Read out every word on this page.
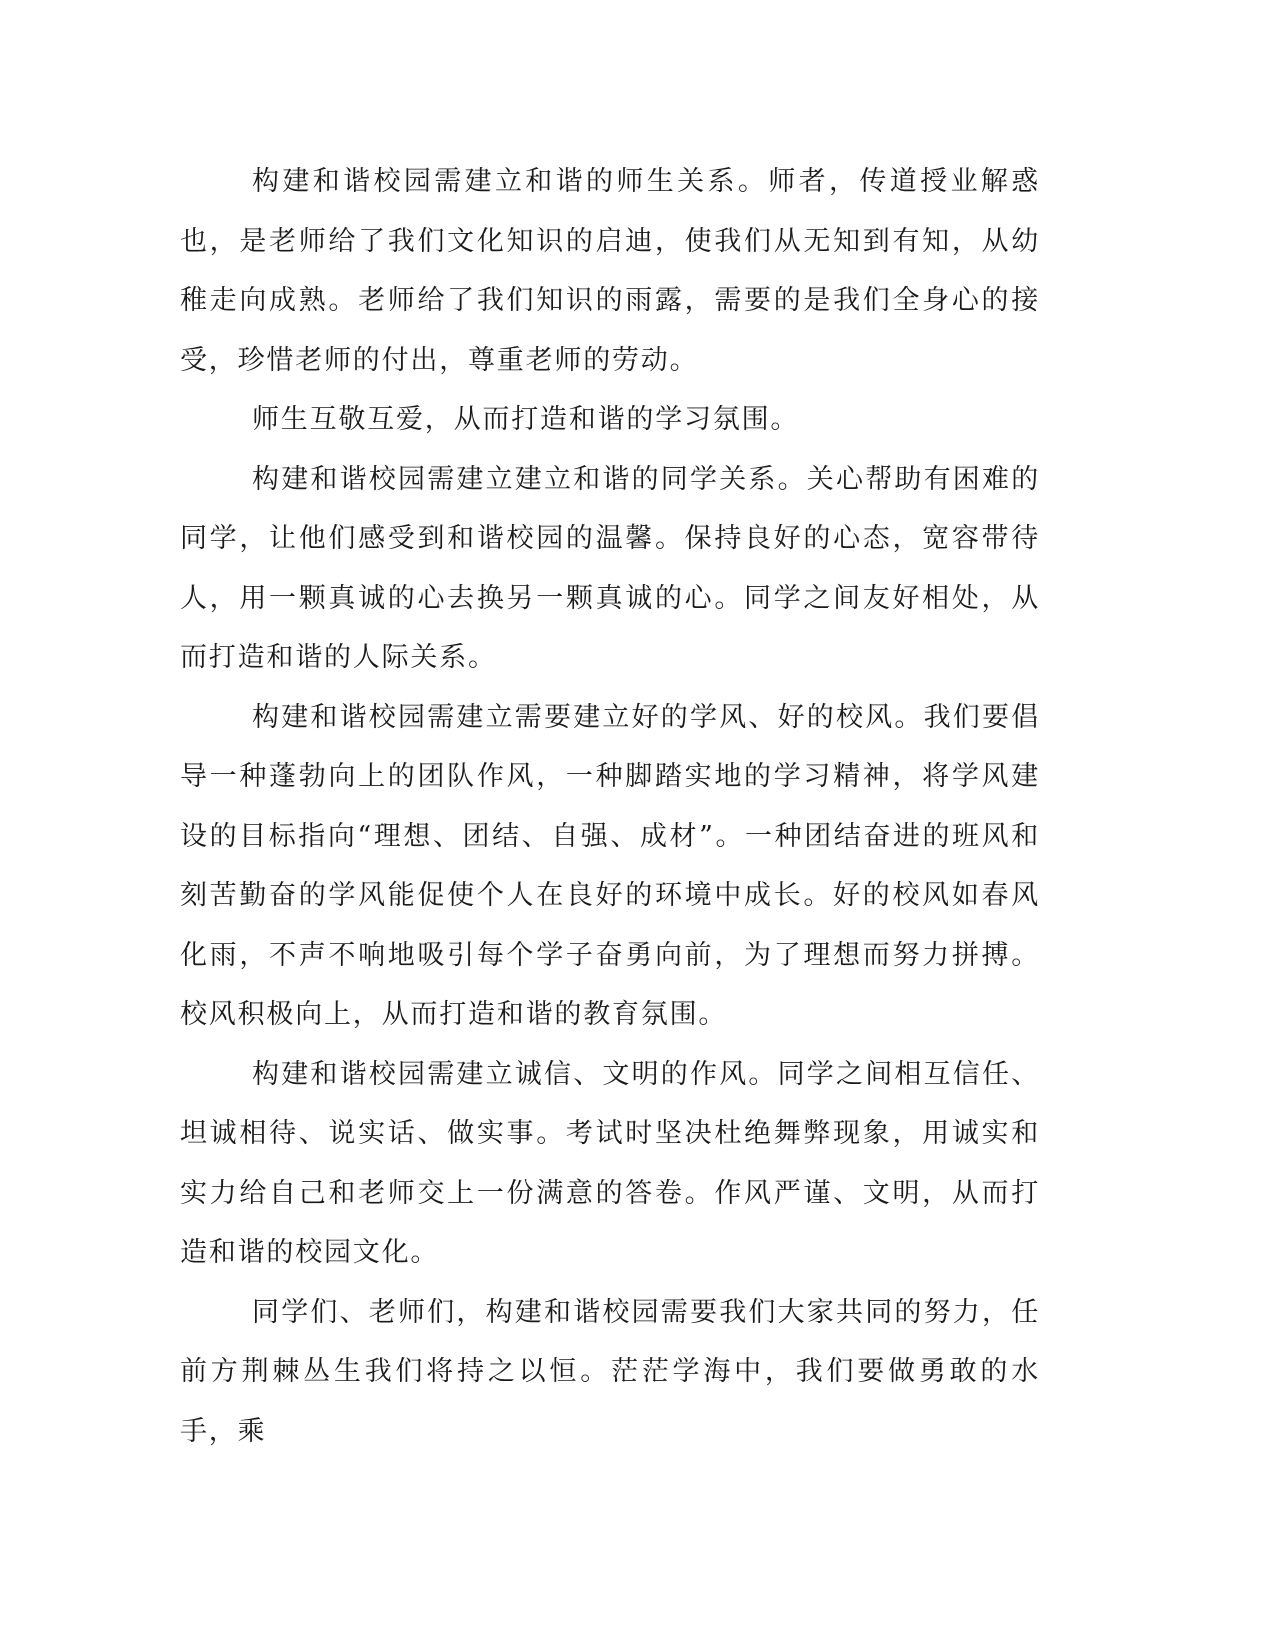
构建和谐校园需建立和谐的师生关系。师者，传道授业解惑也，是老师给了我们文化知识的启迪，使我们从无知到有知，从幼稚走向成熟。老师给了我们知识的雨露，需要的是我们全身心的接受，珍惜老师的付出，尊重老师的劳动。

师生互敬互爱，从而打造和谐的学习氛围。

构建和谐校园需建立建立和谐的同学关系。关心帮助有困难的同学，让他们感受到和谐校园的温馨。保持良好的心态，宽容带待人，用一颗真诚的心去换另一颗真诚的心。同学之间友好相处，从而打造和谐的人际关系。

构建和谐校园需建立需要建立好的学风、好的校风。我们要倡导一种蓬勃向上的团队作风，一种脚踏实地的学习精神，将学风建设的目标指向“理想、团结、自强、成材”。一种团结奋进的班风和刻苦勤奋的学风能促使个人在良好的环境中成长。好的校风如春风化雨，不声不响地吸引每个学子奋勇向前，为了理想而努力拼搏。校风积极向上，从而打造和谐的教育氛围。

构建和谐校园需建立诚信、文明的作风。同学之间相互信任、坦诚相待、说实话、做实事。考试时坚决杜绝舞弊现象，用诚实和实力给自己和老师交上一份满意的答卷。作风严谨、文明，从而打造和谐的校园文化。

同学们、老师们，构建和谐校园需要我们大家共同的努力，任前方荆棘丛生我们将持之以恒。茫茫学海中，我们要做勇敢的水手，乘
